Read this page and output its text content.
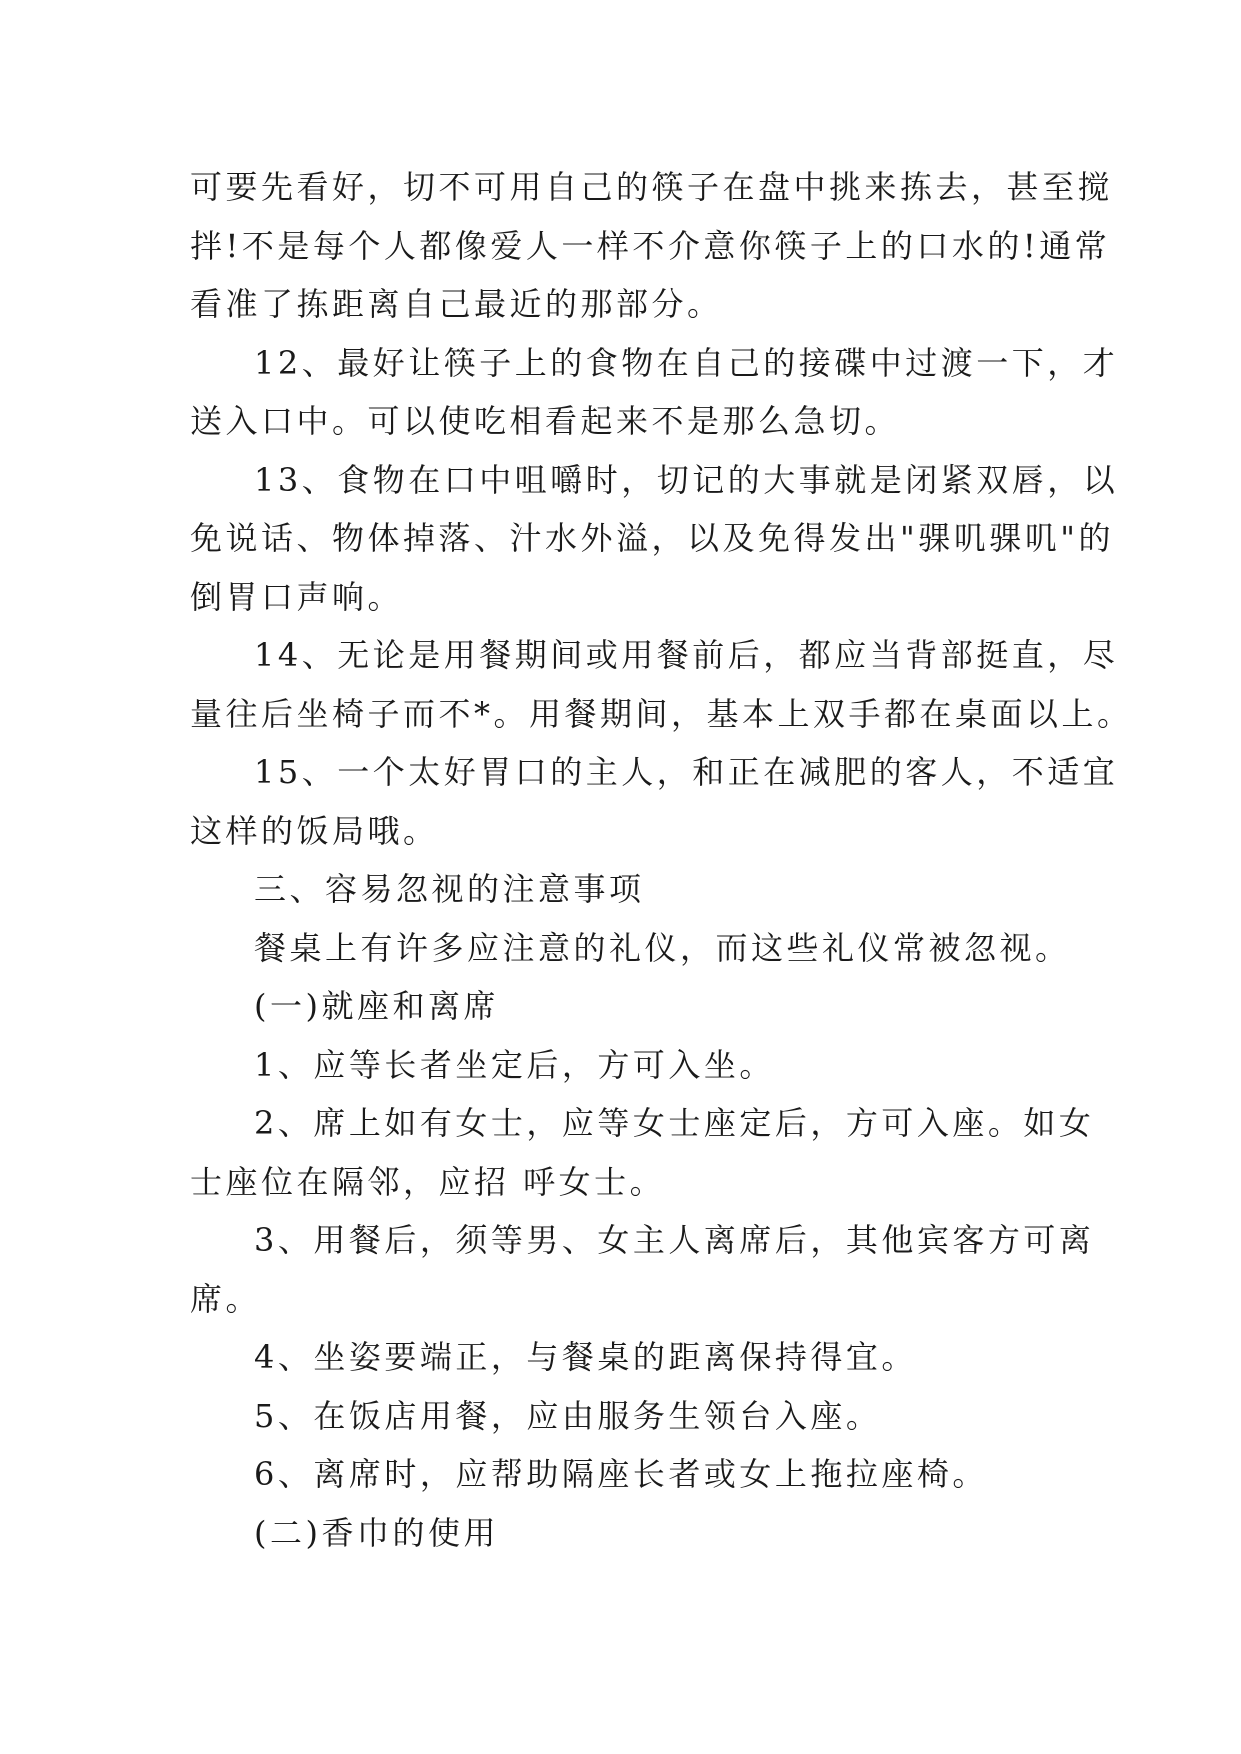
可要先看好，切不可用自己的筷子在盘中挑来拣去，甚至搅
拌!不是每个人都像爱人一样不介意你筷子上的口水的!通常
看准了拣距离自己最近的那部分。

12、最好让筷子上的食物在自己的接碟中过渡一下，才
送入口中。可以使吃相看起来不是那么急切。

13、食物在口中咀嚼时，切记的大事就是闭紧双唇，以
免说话、物体掉落、汁水外溢，以及免得发出"骒叽骒叽"的
倒胃口声响。

14、无论是用餐期间或用餐前后，都应当背部挺直，尽
量往后坐椅子而不*。用餐期间，基本上双手都在桌面以上。

15、一个太好胃口的主人，和正在减肥的客人，不适宜
这样的饭局哦。

三、容易忽视的注意事项

餐桌上有许多应注意的礼仪，而这些礼仪常被忽视。

(一)就座和离席

1、应等长者坐定后，方可入坐。

2、席上如有女士，应等女士座定后，方可入座。如女
士座位在隔邻，应招 呼女士。

3、用餐后，须等男、女主人离席后，其他宾客方可离
席。

4、坐姿要端正，与餐桌的距离保持得宜。

5、在饭店用餐，应由服务生领台入座。

6、离席时，应帮助隔座长者或女上拖拉座椅。

(二)香巾的使用
